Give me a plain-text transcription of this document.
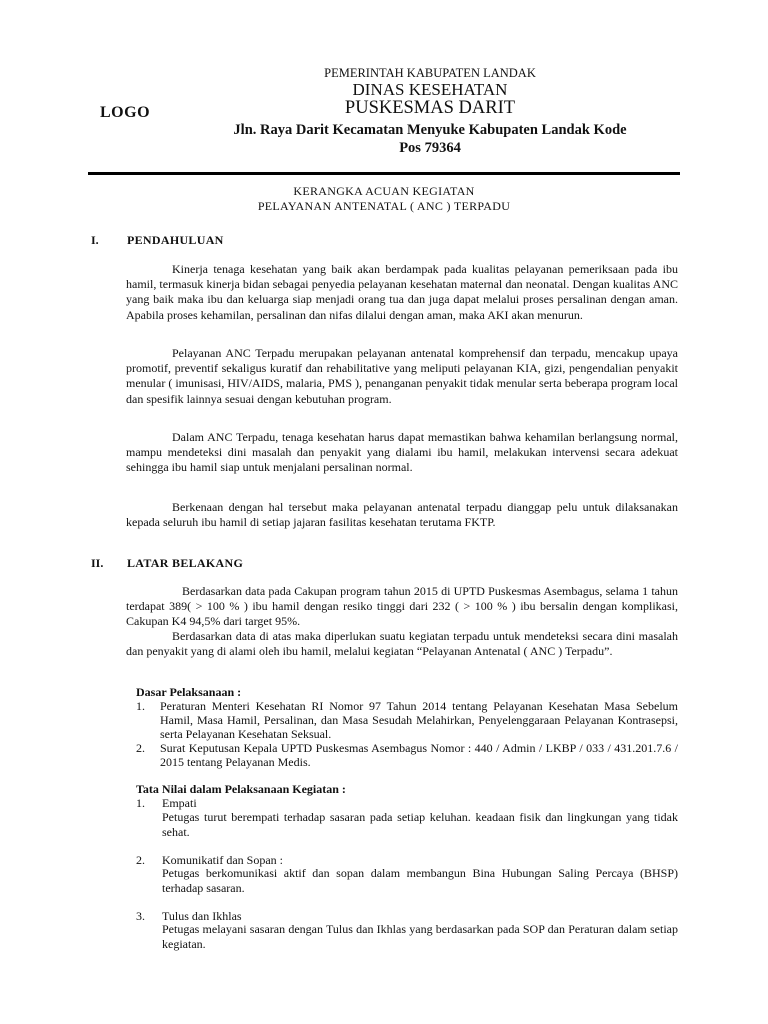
LOGO
PEMERINTAH KABUPATEN LANDAK
DINAS KESEHATAN
PUSKESMAS DARIT
Jln. Raya Darit Kecamatan Menyuke Kabupaten Landak Kode
Pos 79364
KERANGKA ACUAN KEGIATAN
PELAYANAN ANTENATAL ( ANC ) TERPADU
I. PENDAHULUAN
Kinerja tenaga kesehatan yang baik akan berdampak pada kualitas pelayanan pemeriksaan pada ibu hamil, termasuk kinerja bidan sebagai penyedia pelayanan kesehatan maternal dan neonatal. Dengan kualitas ANC yang baik maka ibu dan keluarga siap menjadi orang tua dan juga dapat melalui proses persalinan dengan aman. Apabila proses kehamilan, persalinan dan nifas dilalui dengan aman, maka AKI akan menurun.
Pelayanan ANC Terpadu merupakan pelayanan antenatal komprehensif dan terpadu, mencakup upaya promotif, preventif sekaligus kuratif dan rehabilitative yang meliputi pelayanan KIA, gizi, pengendalian penyakit menular ( imunisasi, HIV/AIDS, malaria, PMS ), penanganan penyakit tidak menular serta beberapa program local dan spesifik lainnya sesuai dengan kebutuhan program.
Dalam ANC Terpadu, tenaga kesehatan harus dapat memastikan bahwa kehamilan berlangsung normal, mampu mendeteksi dini masalah dan penyakit yang dialami ibu hamil, melakukan intervensi secara adekuat sehingga ibu hamil siap untuk menjalani persalinan normal.
Berkenaan dengan hal tersebut maka pelayanan antenatal terpadu dianggap pelu untuk dilaksanakan kepada seluruh ibu hamil di setiap jajaran fasilitas kesehatan terutama FKTP.
II. LATAR BELAKANG
Berdasarkan data pada Cakupan program tahun 2015 di UPTD Puskesmas Asembagus, selama 1 tahun terdapat 389( > 100 % ) ibu hamil dengan resiko tinggi dari 232 ( > 100 % ) ibu bersalin dengan komplikasi, Cakupan K4 94,5% dari target 95%.
Berdasarkan data di atas maka diperlukan suatu kegiatan terpadu untuk mendeteksi secara dini masalah dan penyakit yang di alami oleh ibu hamil, melalui kegiatan “Pelayanan Antenatal ( ANC ) Terpadu”.
Dasar Pelaksanaan :
1. Peraturan Menteri Kesehatan RI Nomor 97 Tahun 2014 tentang Pelayanan Kesehatan Masa Sebelum Hamil, Masa Hamil, Persalinan, dan Masa Sesudah Melahirkan, Penyelenggaraan Pelayanan Kontrasepsi, serta Pelayanan Kesehatan Seksual.
2. Surat Keputusan Kepala UPTD Puskesmas Asembagus Nomor : 440 / Admin / LKBP / 033 / 431.201.7.6 / 2015 tentang Pelayanan Medis.
Tata Nilai dalam Pelaksanaan Kegiatan :
1. Empati
Petugas turut berempati terhadap sasaran pada setiap keluhan. keadaan fisik dan lingkungan yang tidak sehat.
2. Komunikatif dan Sopan :
Petugas berkomunikasi aktif dan sopan dalam membangun Bina Hubungan Saling Percaya (BHSP) terhadap sasaran.
3. Tulus dan Ikhlas
Petugas melayani sasaran dengan Tulus dan Ikhlas yang berdasarkan pada SOP dan Peraturan dalam setiap kegiatan.
